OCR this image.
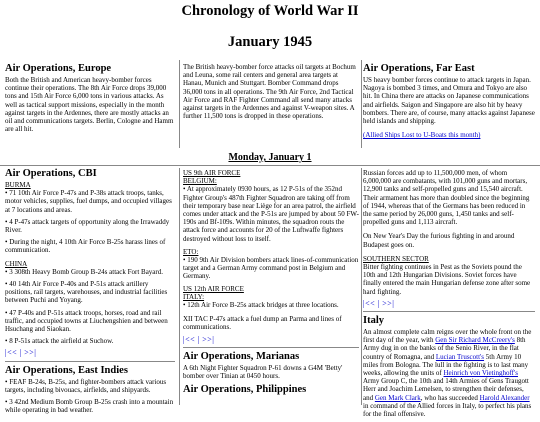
Chronology of World War II
January 1945
Air Operations, Europe
Both the British and American heavy-bomber forces continue their operations. The 8th Air Force drops 39,000 tons and 15th Air Force 6,000 tons in various attacks. As well as tactical support missions, especially in the month against targets in the Ardennes, there are mostly attacks an oil and communications targets. Berlin, Cologne and Hamm are all hit.
The British heavy-bomber force attacks oil targets at Bochum and Leuna, some rail centers and general area targets at Hanau, Munich and Stuttgart. Bomber Command drops 36,000 tons in all operations. The 9th Air Force, 2nd Tactical Air Force and RAF Fighter Command all send many attacks against targets in the Ardennes and against V-weapon sites. A further 11,500 tons is dropped in these operations.
Air Operations, Far East

US heavy bomber forces continue to attack targets in Japan. Nagoya is bombed 3 times, and Omura and Tokyo are also hit. In China there are attacks on Japanese communications and airfields. Saigon and Singapore are also hit by heavy bombers. There are, of course, many attacks against Japanese held islands and shipping.

(Allied Ships Lost to U-Boats this month)
Monday, January 1
Air Operations, CBI
BURMA

• 71 10th Air Force P-47s and P-38s attack troops, tanks, motor vehicles, supplies, fuel dumps, and occupied villages at 7 locations and areas.

• 4 P-47s attack targets of opportunity along the Irrawaddy River.

• During the night, 4 10th Air Force B-25s harass lines of communication.

CHINA

• 3 308th Heavy Bomb Group B-24s attack Fort Bayard.

• 40 14th Air Force P-40s and P-51s attack artillery positions, rail targets, warehouses, and industrial facilities between Puchi and Yoyang.

• 47 P-40s and P-51s attack troops, horses, road and rail traffic, and occupied towns at Liuchengshien and between Hsuchang and Siaokan.

• 8 P-51s attack the airfield at Suchow.

|<< | >>|
Air Operations, East Indies

• FEAF B-24s, B-25s, and fighter-bombers attack various targets, including bivouacs, airfields, and shipyards.

• 3 42nd Medium Bomb Group B-25s crash into a mountain while operating in bad weather.

US 9th AIR FORCE
BELGIUM:

• At approximately 0930 hours, as 12 P-51s of the 352nd Fighter Group's 487th Fighter Squadron are taking off from their temporary base near Liège for an area patrol, the airfield comes under attack and the P-51s are jumped by about 50 FW-190s and Bf-109s. Within minutes, the squadron routs the attack force and accounts for 20 of the Luftwaffe fighters destroyed without loss to itself.

ETO:

• 190 9th Air Division bombers attack lines-of-communication target and a German Army command post in Belgium and Germany.

US 12th AIR FORCE
ITALY:

• 12th Air Force B-25s attack bridges at three locations.

XII TAC P-47s attack a fuel dump an Parma and lines of communications.

|<< | >>|
Air Operations, Marianas

A 6th Night Fighter Squadron P-61 downs a G4M 'Betty' bomber over Tinian at 0450 hours.

Air Operations, Philippines

Russian forces add up to 11,500,000 men, of whom 6,000,000 are combatants, with 101,000 guns and mortars, 12,900 tanks and self-propelled guns and 15,540 aircraft. Their armament has more than doubled since the beginning of 1944, whereas that of the Germans has been reduced in the same period by 26,000 guns, 1,450 tanks and self-propelled guns and 1,113 aircraft.

On New Year's Day the furious fighting in and around Budapest goes on.

SOUTHERN SECTOR

Bitter fighting continues in Pest as the Soviets pound the 10th and 12th Hungarian Divisions. Soviet forces have finally entered the main Hungarian defense zone after some hard fighting.

|<< | >>|
Italy

An almost complete calm reigns over the whole front on the first day of the year, with Gen Sir Richard McCreery's 8th Army dug in on the banks of the Senio River, in the flat country of Romagna, and Lucian Truscott's 5th Army 10 miles from Bologna. The lull in the fighting is to last many weeks, allowing the units of Heinrich von Vietinghoff's Army Group C, the 10th and 14th Armies of Gens Traugott Herr and Joachim Lemelsen, to strengthen their defenses, and Gen Mark Clark, who has succeeded Harold Alexander in command of the Allied forces in Italy, to perfect his plans for the final offensive.
